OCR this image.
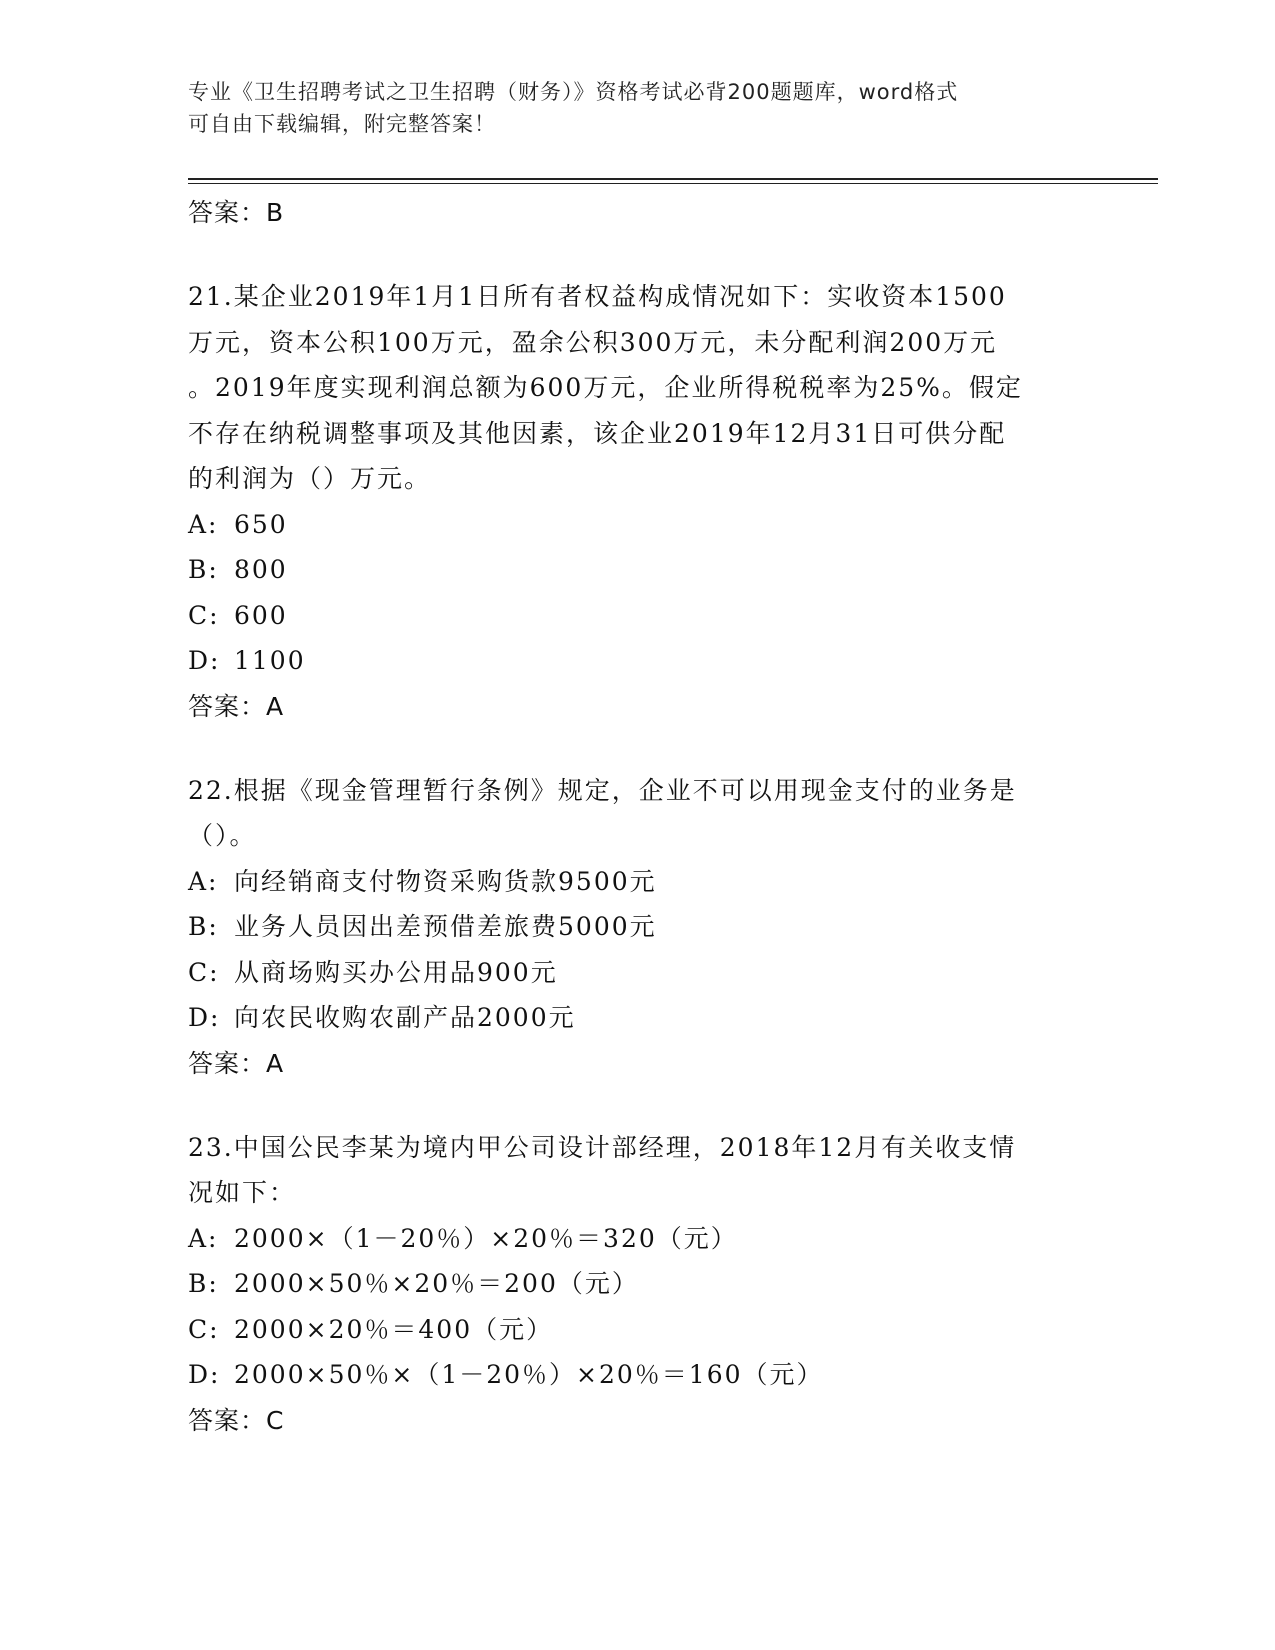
专业《卫生招聘考试之卫生招聘（财务）》资格考试必背200题题库，word格式
可自由下载编辑，附完整答案！
答案：B
21.某企业2019年1月1日所有者权益构成情况如下：实收资本1500
万元，资本公积100万元，盈余公积300万元，未分配利润200万元
。2019年度实现利润总额为600万元，企业所得税税率为25%。假定
不存在纳税调整事项及其他因素，该企业2019年12月31日可供分配
的利润为（）万元。
A: 650
B: 800
C: 600
D: 1100
答案：A
22.根据《现金管理暂行条例》规定，企业不可以用现金支付的业务是
（）。
A: 向经销商支付物资采购货款9500元
B: 业务人员因出差预借差旅费5000元
C: 从商场购买办公用品900元
D: 向农民收购农副产品2000元
答案：A
23.中国公民李某为境内甲公司设计部经理，2018年12月有关收支情
况如下：
A: 2000×（1－20％）×20％＝320（元）
B: 2000×50％×20％＝200（元）
C: 2000×20％＝400（元）
D: 2000×50％×（1－20％）×20％＝160（元）
答案：C
